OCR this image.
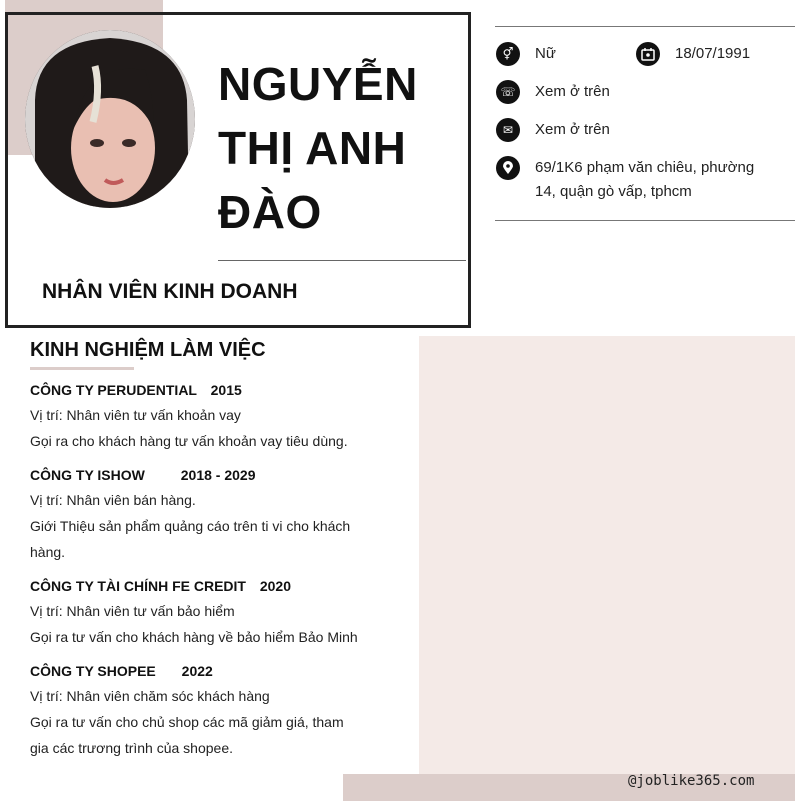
NGUYỄN
THỊ ANH
ĐÀO
NHÂN VIÊN KINH DOANH
⚥	Nữ	18/07/1991
☏	Xem ở trên
✉	Xem ở trên
69/1K6 phạm văn chiêu, phường
14, quận gò vấp, tphcm
KINH NGHIỆM LÀM VIỆC
CÔNG TY PERUDENTIAL 2015
Vị trí: Nhân viên tư vấn khoản vay
Gọi ra cho khách hàng tư vấn khoản vay tiêu dùng.
CÔNG TY ISHOW	2018 - 2029
Vị trí: Nhân viên bán hàng.
Giới Thiệu sản phẩm quảng cáo trên ti vi cho khách
hàng.
CÔNG TY TÀI CHÍNH FE CREDIT 2020
Vị trí: Nhân viên tư vấn bảo hiểm
Gọi ra tư vấn cho khách hàng về bảo hiểm Bảo Minh
CÔNG TY SHOPEE 2022
Vị trí: Nhân viên chăm sóc khách hàng
Gọi ra tư vấn cho chủ shop các mã giảm giá, tham
gia các trương trình của shopee.
@joblike365.com
